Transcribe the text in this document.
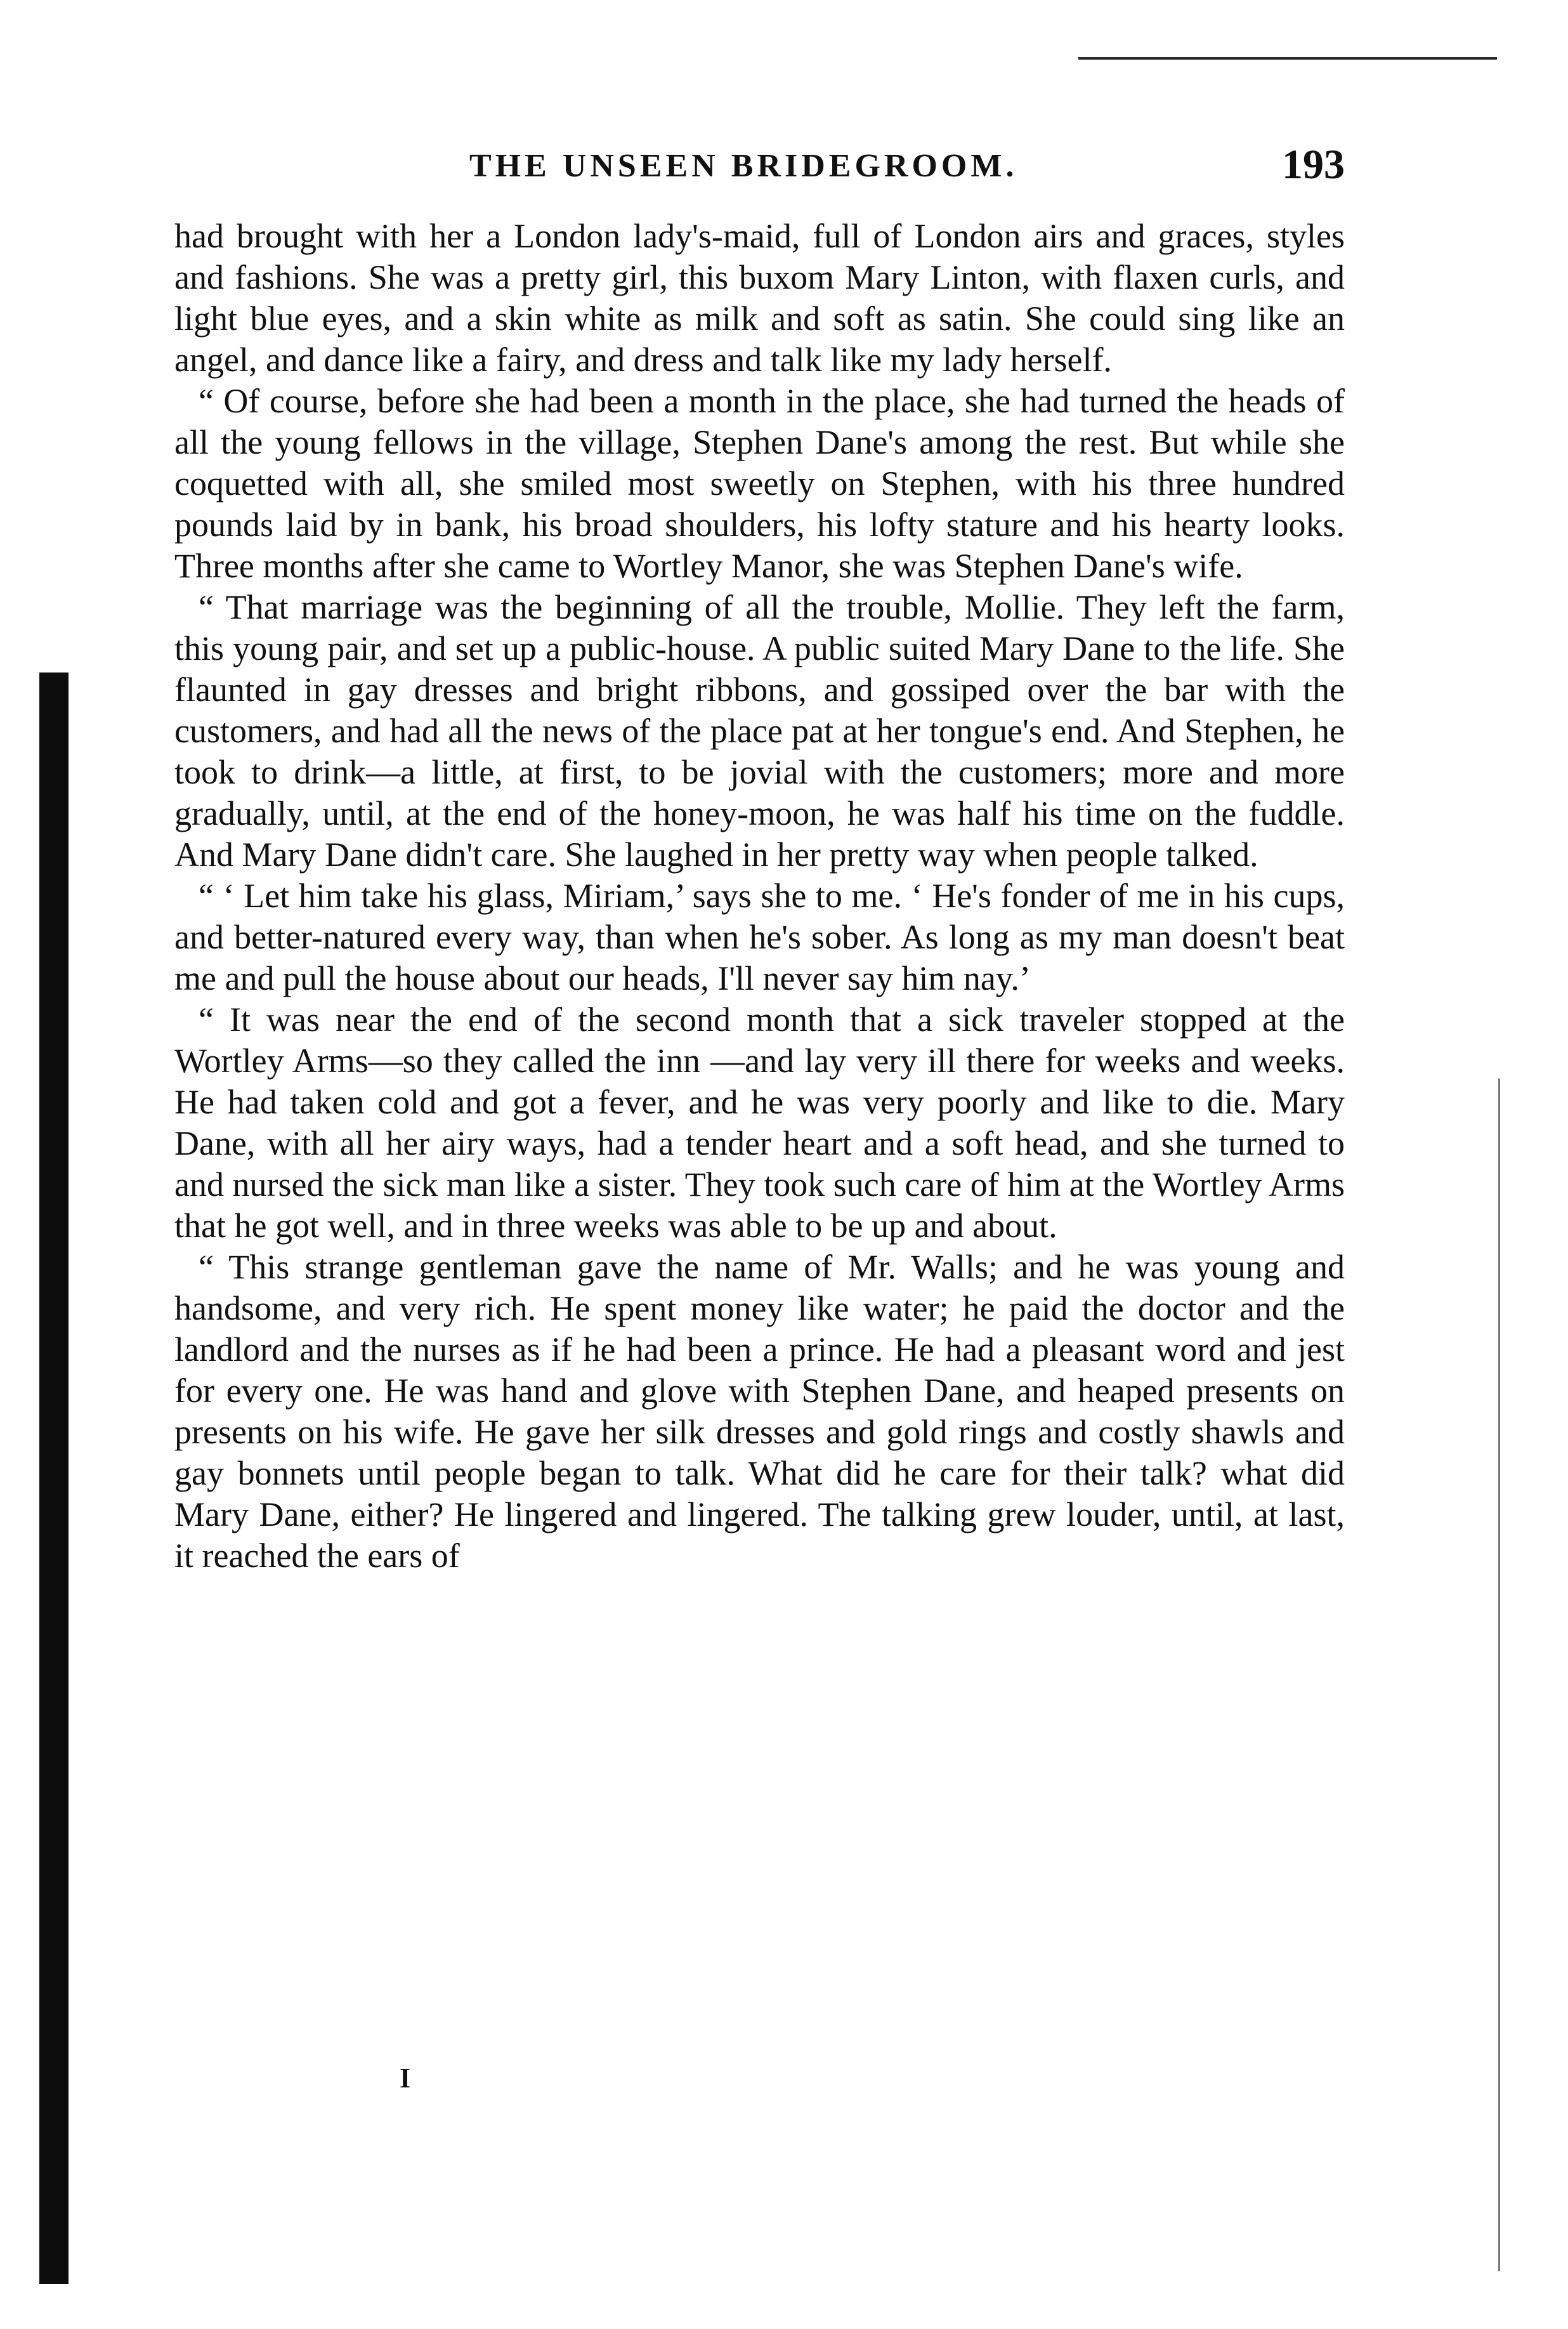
THE UNSEEN BRIDEGROOM.	193

had brought with her a London lady's-maid, full of London airs and graces, styles and fashions. She was a pretty girl, this buxom Mary Linton, with flaxen curls, and light blue eyes, and a skin white as milk and soft as satin. She could sing like an angel, and dance like a fairy, and dress and talk like my lady herself.

“ Of course, before she had been a month in the place, she had turned the heads of all the young fellows in the village, Stephen Dane's among the rest. But while she coquetted with all, she smiled most sweetly on Stephen, with his three hundred pounds laid by in bank, his broad shoulders, his lofty stature and his hearty looks. Three months after she came to Wortley Manor, she was Stephen Dane's wife.

“ That marriage was the beginning of all the trouble, Mollie. They left the farm, this young pair, and set up a public-house. A public suited Mary Dane to the life. She flaunted in gay dresses and bright ribbons, and gossiped over the bar with the customers, and had all the news of the place pat at her tongue's end. And Stephen, he took to drink—a little, at first, to be jovial with the customers; more and more gradually, until, at the end of the honey-moon, he was half his time on the fuddle. And Mary Dane didn't care. She laughed in her pretty way when people talked.

“ ‘ Let him take his glass, Miriam,’ says she to me. ‘ He's fonder of me in his cups, and better-natured every way, than when he's sober. As long as my man doesn't beat me and pull the house about our heads, I'll never say him nay.’

“ It was near the end of the second month that a sick traveler stopped at the Wortley Arms—so they called the inn —and lay very ill there for weeks and weeks. He had taken cold and got a fever, and he was very poorly and like to die. Mary Dane, with all her airy ways, had a tender heart and a soft head, and she turned to and nursed the sick man like a sister. They took such care of him at the Wortley Arms that he got well, and in three weeks was able to be up and about.

“ This strange gentleman gave the name of Mr. Walls; and he was young and handsome, and very rich. He spent money like water; he paid the doctor and the landlord and the nurses as if he had been a prince. He had a pleasant word and jest for every one. He was hand and glove with Stephen Dane, and heaped presents on presents on his wife. He gave her silk dresses and gold rings and costly shawls and gay bonnets until people began to talk. What did he care for their talk? what did Mary Dane, either? He lingered and lingered. The talking grew louder, until, at last, it reached the ears of

I
